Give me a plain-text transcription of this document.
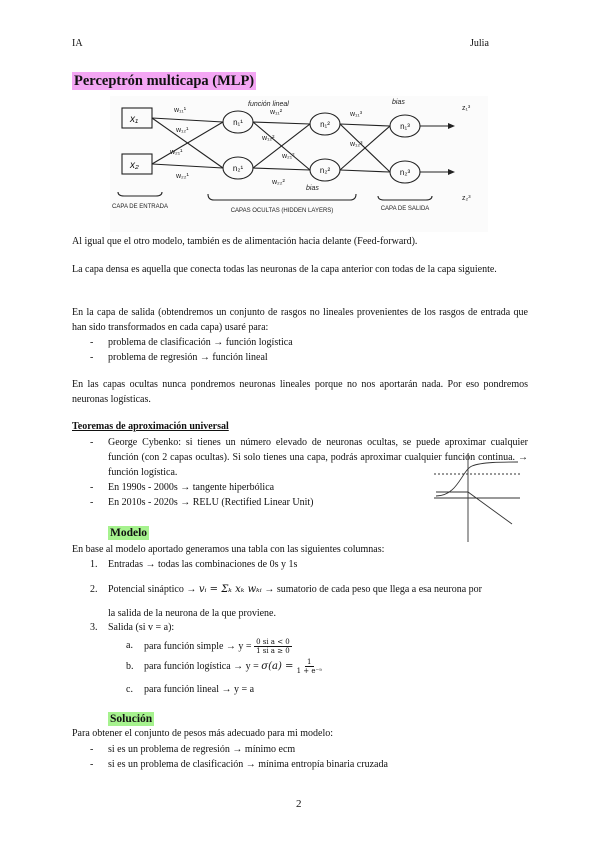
IA	Julia
Perceptrón multicapa (MLP)
x₁
x₂
n₁¹
n₂¹
n₁²
n₂²
n₁³
n₂³
w₁₁¹
w₁₂¹
w₂₁¹
w₂₂¹
w₁₁²
w₁₂²
w₂₁²
w₂₂²
w₁₁³
w₁₂³
z₁³
z₂³
función lineal
bias
bias
CAPA DE ENTRADA
CAPAS OCULTAS (HIDDEN LAYERS)	CAPA DE SALIDA

Al igual que el otro modelo, también es de alimentación hacia delante (Feed-forward).

La capa densa es aquella que conecta todas las neuronas de la capa anterior con todas de la capa siguiente.

En la capa de salida (obtendremos un conjunto de rasgos no lineales provenientes de los rasgos de entrada que han sido transformados en cada capa) usaré para:

- problema de clasificación → función logística
- problema de regresión → función lineal

En las capas ocultas nunca pondremos neuronas lineales porque no nos aportarán nada. Por eso pondremos neuronas logísticas.

Teoremas de aproximación universal
- George Cybenko: si tienes un número elevado de neuronas ocultas, se puede aproximar cualquier función (con 2 capas ocultas). Si solo tienes una capa, podrás aproximar cualquier función continua. → función logística.
- En 1990s - 2000s → tangente hiperbólica
- En 2010s - 2020s → RELU (Rectified Linear Unit)
Modelo
En base al modelo aportado generamos una tabla con las siguientes columnas:
1. Entradas → todas las combinaciones de 0s y 1s
2. Potencial sináptico → vᵢ = Σₖ xₖ wₖᵢ → sumatorio de cada peso que llega a esa neurona por
la salida de la neurona de la que proviene.
3. Salida (si v = a):
a. para función simple → $y = \frac{\text{0 si a < 0}}{\text{1 si a ≥ 0}}$
b. para función logística → $y = \sigma(a) = \frac{1}{\text{1 + e⁻ᵃ}}$
c. para función lineal → y = a
Solución
Para obtener el conjunto de pesos más adecuado para mi modelo:
- si es un problema de regresión → mínimo ecm
- si es un problema de clasificación → mínima entropía binaria cruzada
2
